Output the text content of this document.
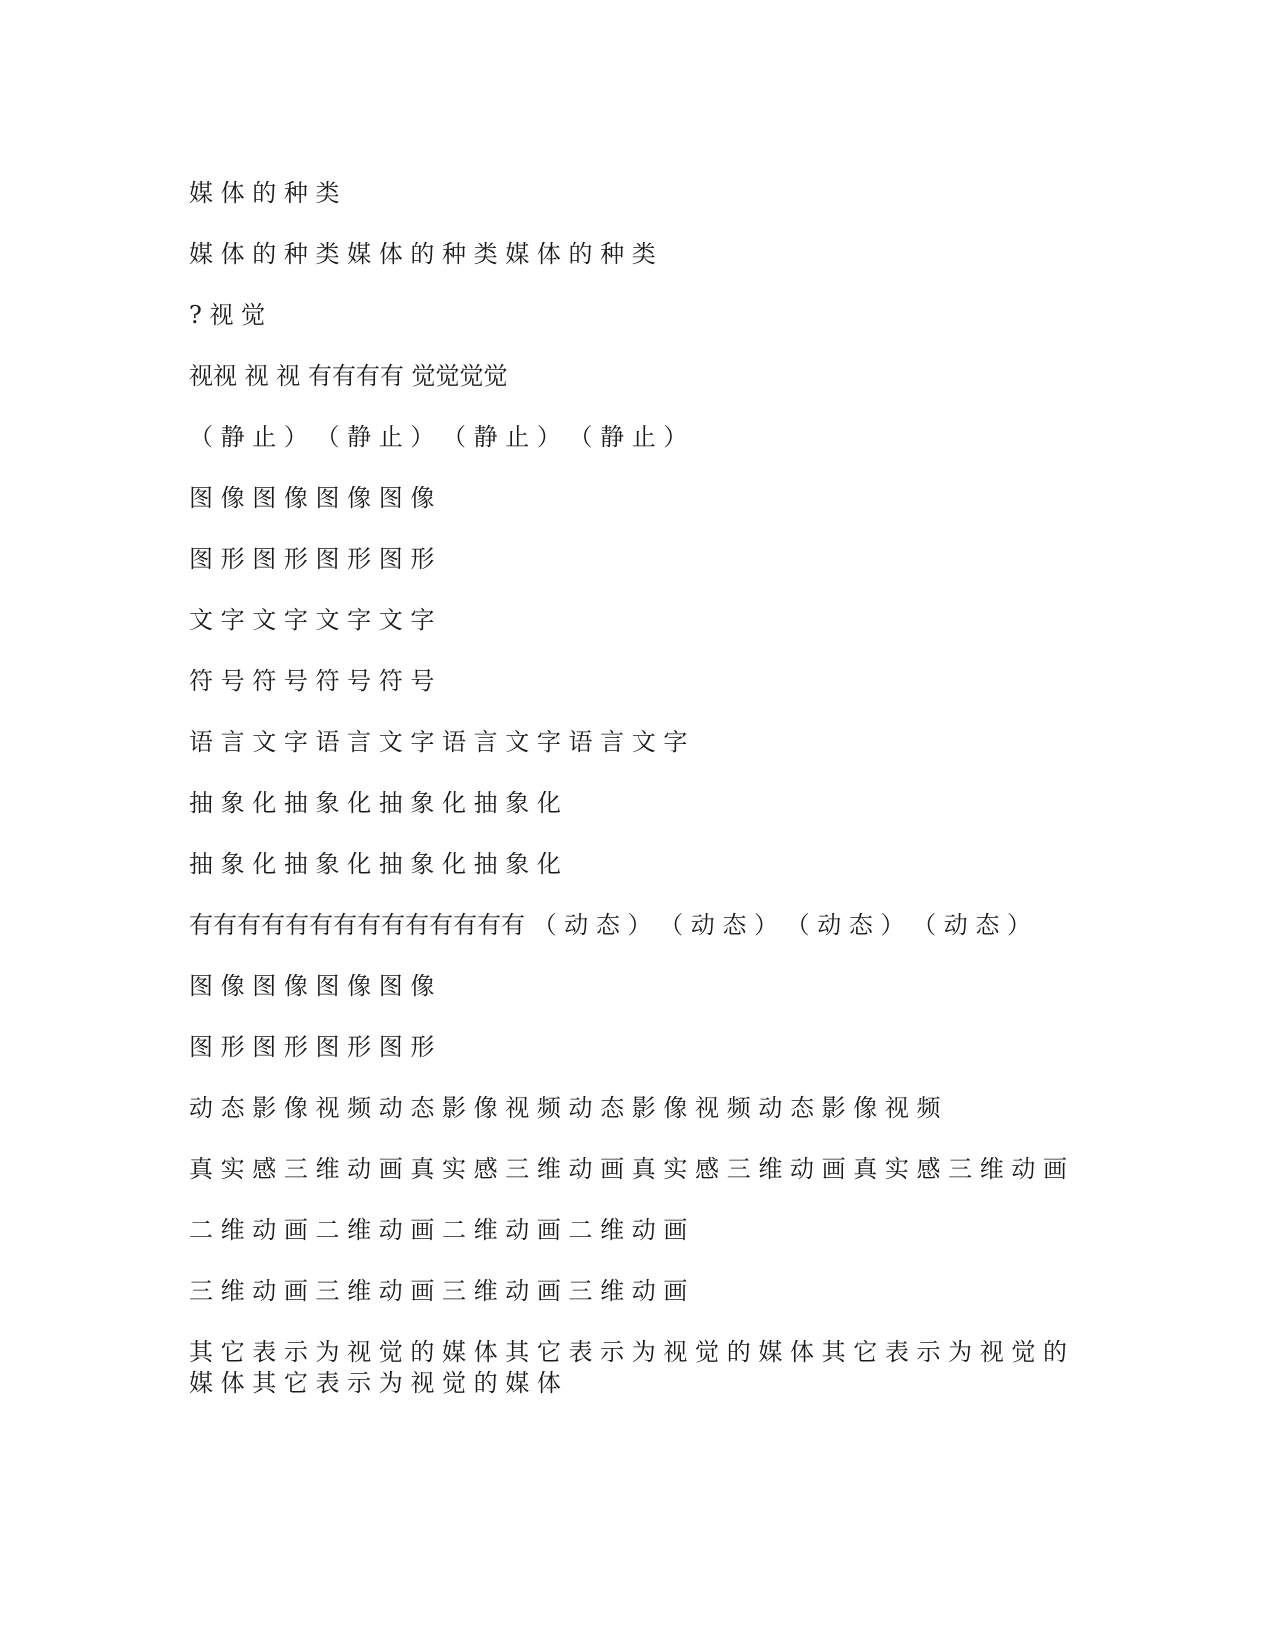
媒 体 的 种 类

媒 体 的 种 类 媒 体 的 种 类 媒 体 的 种 类

? 视 觉

视视 视 视 有有有有 觉觉觉觉

（ 静 止 ） （ 静 止 ） （ 静 止 ） （ 静 止 ）

图 像 图 像 图 像 图 像

图 形 图 形 图 形 图 形

文 字 文 字 文 字 文 字

符 号 符 号 符 号 符 号

语 言 文 字 语 言 文 字 语 言 文 字 语 言 文 字

抽 象 化 抽 象 化 抽 象 化 抽 象 化

抽 象 化 抽 象 化 抽 象 化 抽 象 化

有有有有有有有有有有有有有有 （ 动 态 ） （ 动 态 ） （ 动 态 ） （ 动 态 ）

图 像 图 像 图 像 图 像

图 形 图 形 图 形 图 形

动 态 影 像 视 频 动 态 影 像 视 频 动 态 影 像 视 频 动 态 影 像 视 频

真 实 感 三 维 动 画 真 实 感 三 维 动 画 真 实 感 三 维 动 画 真 实 感 三 维 动 画

二 维 动 画 二 维 动 画 二 维 动 画 二 维 动 画

三 维 动 画 三 维 动 画 三 维 动 画 三 维 动 画

其 它 表 示 为 视 觉 的 媒 体 其 它 表 示 为 视 觉 的 媒 体 其 它 表 示 为 视 觉 的 媒 体 其 它 表 示 为 视 觉 的 媒 体
